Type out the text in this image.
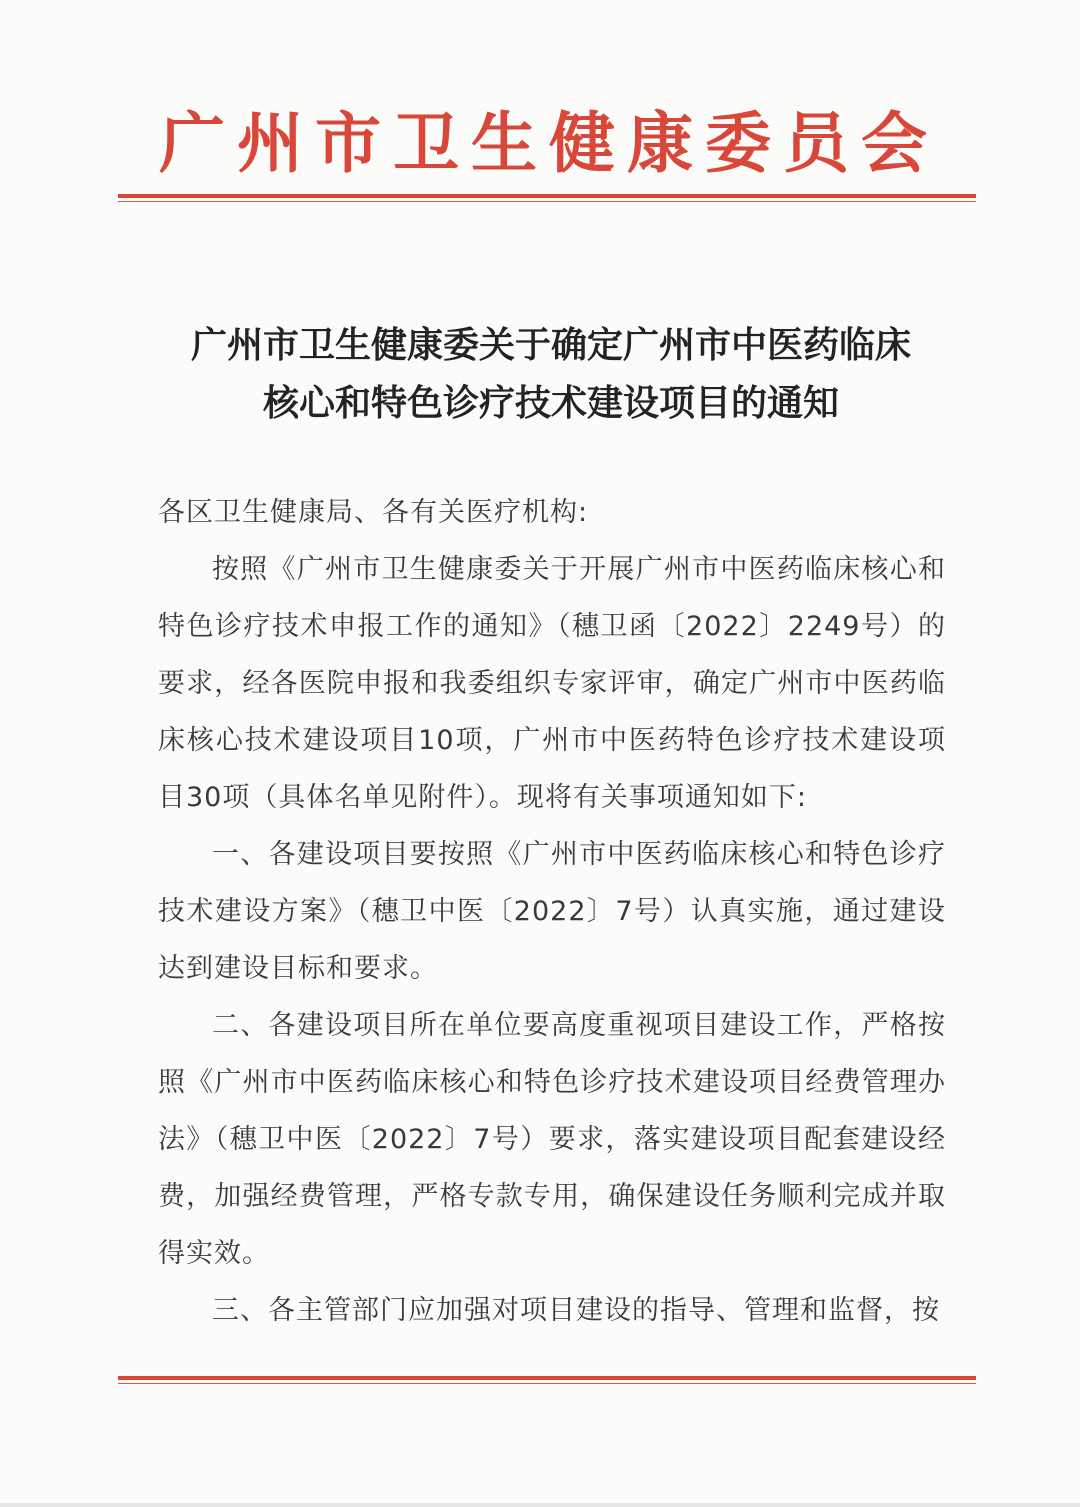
广州市卫生健康委员会
广州市卫生健康委关于确定广州市中医药临床
核心和特色诊疗技术建设项目的通知

各区卫生健康局、各有关医疗机构:

按照《广州市卫生健康委关于开展广州市中医药临床核心和特色诊疗技术申报工作的通知》（穗卫函〔2022〕2249号）的要求，经各医院申报和我委组织专家评审，确定广州市中医药临床核心技术建设项目10项，广州市中医药特色诊疗技术建设项目30项（具体名单见附件）。现将有关事项通知如下:

一、各建设项目要按照《广州市中医药临床核心和特色诊疗技术建设方案》（穗卫中医〔2022〕7号）认真实施，通过建设达到建设目标和要求。

二、各建设项目所在单位要高度重视项目建设工作，严格按照《广州市中医药临床核心和特色诊疗技术建设项目经费管理办法》（穗卫中医〔2022〕7号）要求，落实建设项目配套建设经费，加强经费管理，严格专款专用，确保建设任务顺利完成并取得实效。

三、各主管部门应加强对项目建设的指导、管理和监督，按
